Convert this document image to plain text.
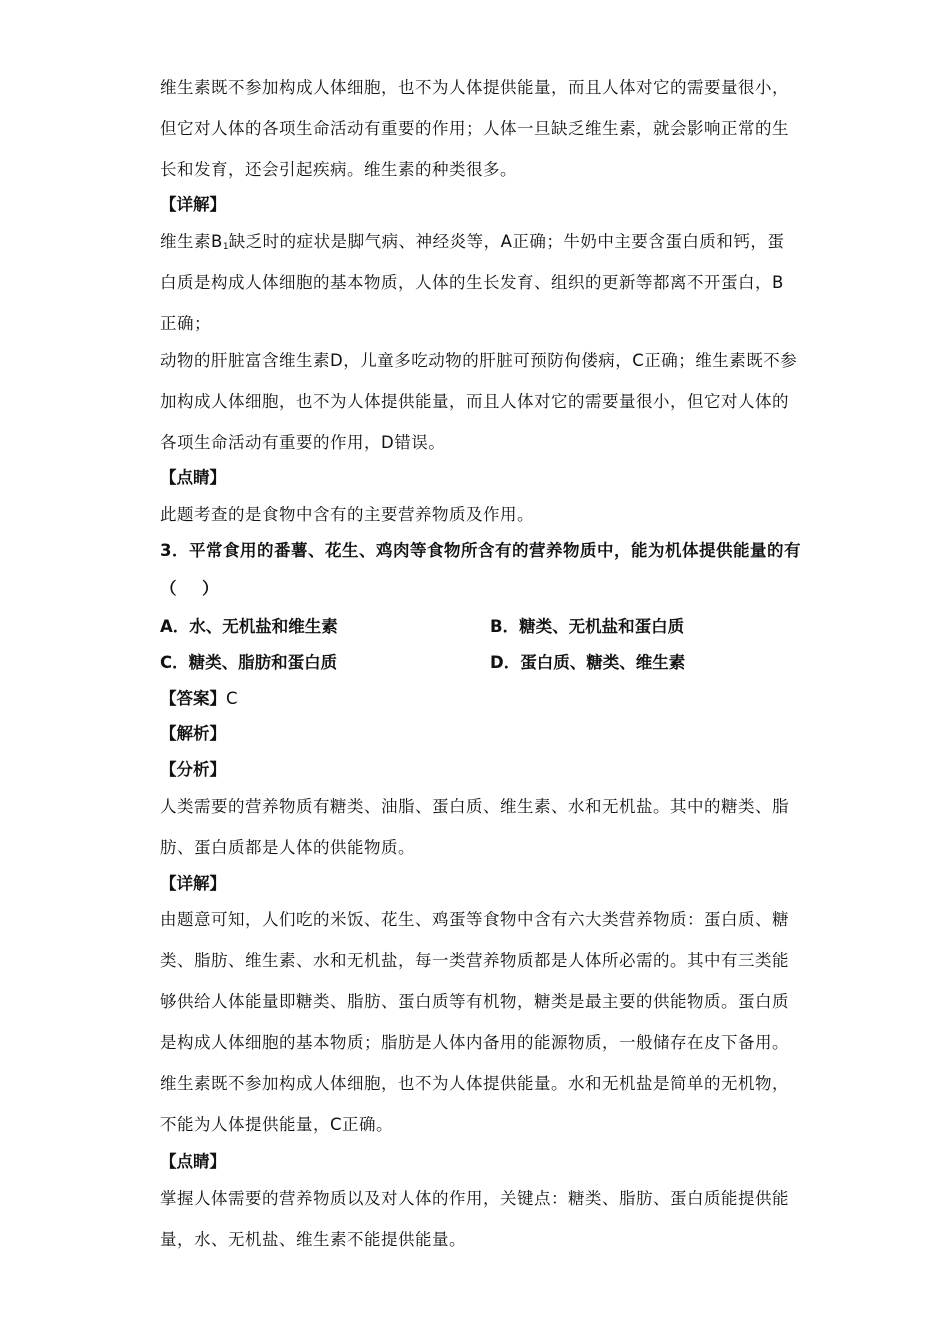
维生素既不参加构成人体细胞，也不为人体提供能量，而且人体对它的需要量很小，
但它对人体的各项生命活动有重要的作用；人体一旦缺乏维生素，就会影响正常的生
长和发育，还会引起疾病。维生素的种类很多。
【详解】
维生素$B_1$缺乏时的症状是脚气病、神经炎等，A正确；牛奶中主要含蛋白质和钙，蛋
白质是构成人体细胞的基本物质，人体的生长发育、组织的更新等都离不开蛋白，B
正确；
动物的肝脏富含维生素D，儿童多吃动物的肝脏可预防佝偻病，C正确；维生素既不参
加构成人体细胞，也不为人体提供能量，而且人体对它的需要量很小，但它对人体的
各项生命活动有重要的作用，D错误。
【点睛】
此题考查的是食物中含有的主要营养物质及作用。
3．平常食用的番薯、花生、鸡肉等食物所含有的营养物质中，能为机体提供能量的有
（    ）
A．水、无机盐和维生素	B．糖类、无机盐和蛋白质
C．糖类、脂肪和蛋白质	D．蛋白质、糖类、维生素
【答案】C
【解析】
【分析】
人类需要的营养物质有糖类、油脂、蛋白质、维生素、水和无机盐。其中的糖类、脂
肪、蛋白质都是人体的供能物质。
【详解】
由题意可知，人们吃的米饭、花生、鸡蛋等食物中含有六大类营养物质：蛋白质、糖
类、脂肪、维生素、水和无机盐，每一类营养物质都是人体所必需的。其中有三类能
够供给人体能量即糖类、脂肪、蛋白质等有机物，糖类是最主要的供能物质。蛋白质
是构成人体细胞的基本物质；脂肪是人体内备用的能源物质，一般储存在皮下备用。
维生素既不参加构成人体细胞，也不为人体提供能量。水和无机盐是简单的无机物，
不能为人体提供能量，C正确。
【点睛】
掌握人体需要的营养物质以及对人体的作用，关键点：糖类、脂肪、蛋白质能提供能
量，水、无机盐、维生素不能提供能量。
